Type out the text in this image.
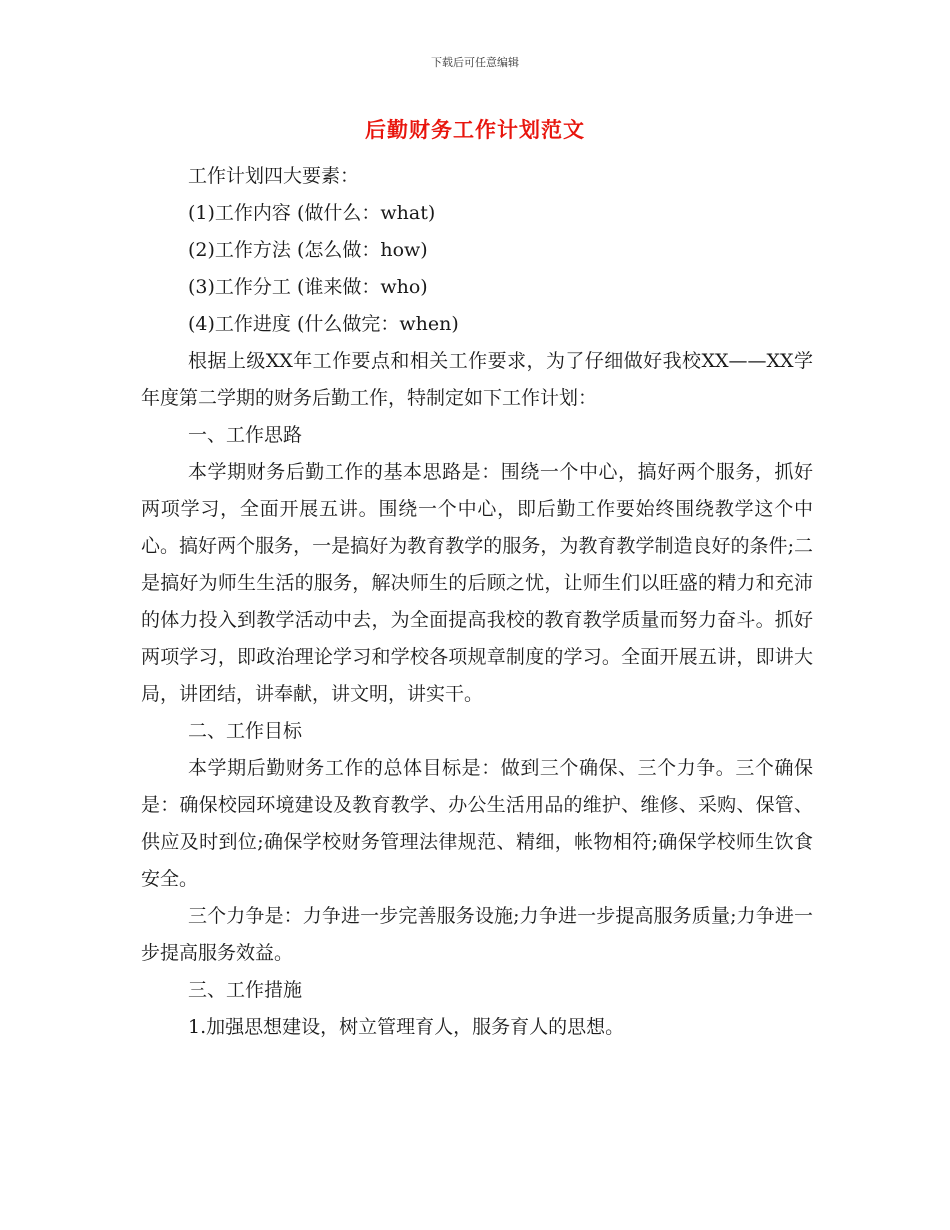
下载后可任意编辑
后勤财务工作计划范文

工作计划四大要素：

(1)工作内容 (做什么：what)

(2)工作方法 (怎么做：how)

(3)工作分工 (谁来做：who)

(4)工作进度 (什么做完：when)

根据上级XX年工作要点和相关工作要求，为了仔细做好我校XX——XX学年度第二学期的财务后勤工作，特制定如下工作计划：

一、工作思路

本学期财务后勤工作的基本思路是：围绕一个中心，搞好两个服务，抓好两项学习，全面开展五讲。围绕一个中心，即后勤工作要始终围绕教学这个中心。搞好两个服务，一是搞好为教育教学的服务，为教育教学制造良好的条件;二是搞好为师生生活的服务，解决师生的后顾之忧，让师生们以旺盛的精力和充沛的体力投入到教学活动中去，为全面提高我校的教育教学质量而努力奋斗。抓好两项学习，即政治理论学习和学校各项规章制度的学习。全面开展五讲，即讲大局，讲团结，讲奉献，讲文明，讲实干。

二、工作目标

本学期后勤财务工作的总体目标是：做到三个确保、三个力争。三个确保是：确保校园环境建设及教育教学、办公生活用品的维护、维修、采购、保管、供应及时到位;确保学校财务管理法律规范、精细，帐物相符;确保学校师生饮食安全。

三个力争是：力争进一步完善服务设施;力争进一步提高服务质量;力争进一步提高服务效益。

三、工作措施

1.加强思想建设，树立管理育人，服务育人的思想。
